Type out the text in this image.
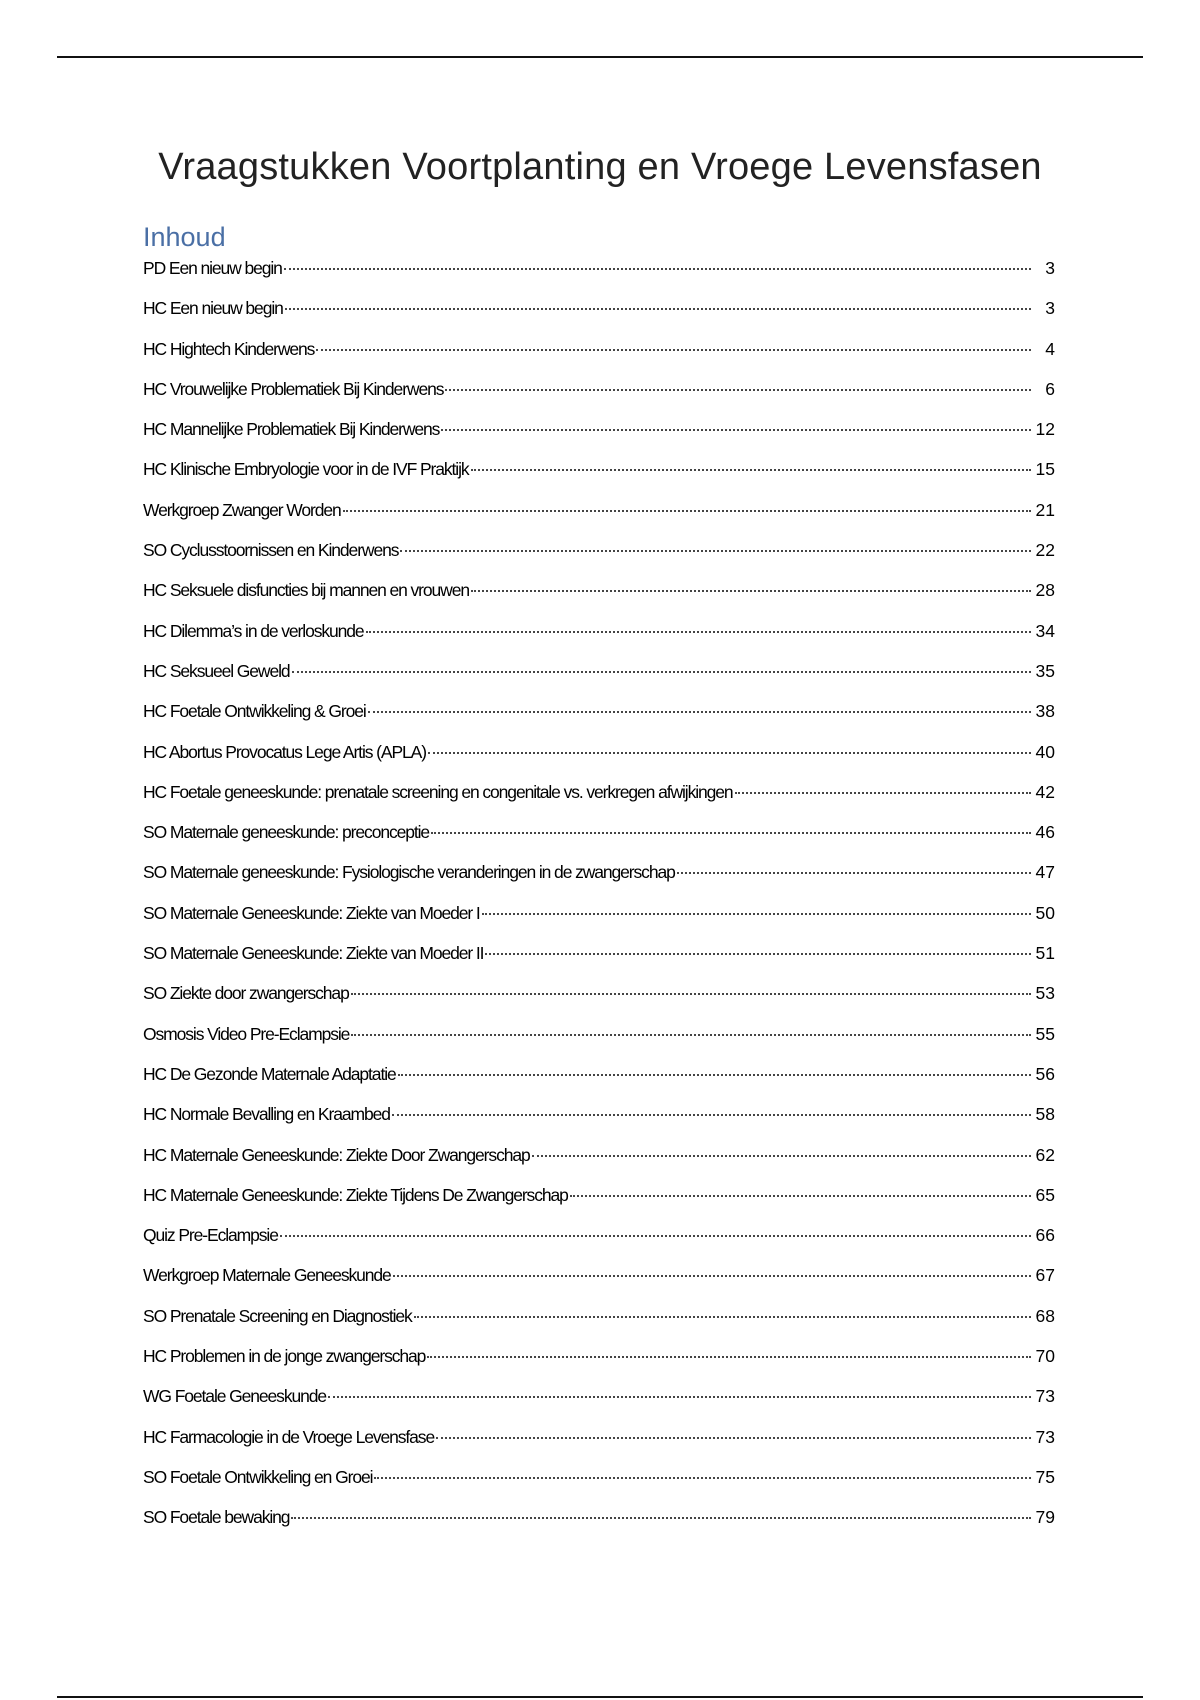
Vraagstukken Voortplanting en Vroege Levensfasen
Inhoud
PD Een nieuw begin	3
HC Een nieuw begin	3
HC Hightech Kinderwens	4
HC Vrouwelijke Problematiek Bij Kinderwens	6
HC Mannelijke Problematiek Bij Kinderwens	12
HC Klinische Embryologie voor in de IVF Praktijk	15
Werkgroep Zwanger Worden	21
SO Cyclusstoornissen en Kinderwens	22
HC Seksuele disfuncties bij mannen en vrouwen	28
HC Dilemma’s in de verloskunde	34
HC Seksueel Geweld	35
HC Foetale Ontwikkeling & Groei	38
HC Abortus Provocatus Lege Artis (APLA)	40
HC Foetale geneeskunde: prenatale screening en congenitale vs. verkregen afwijkingen	42
SO Maternale geneeskunde: preconceptie	46
SO Maternale geneeskunde: Fysiologische veranderingen in de zwangerschap	47
SO Maternale Geneeskunde: Ziekte van Moeder I	50
SO Maternale Geneeskunde: Ziekte van Moeder II	51
SO Ziekte door zwangerschap	53
Osmosis Video Pre-Eclampsie	55
HC De Gezonde Maternale Adaptatie	56
HC Normale Bevalling en Kraambed	58
HC Maternale Geneeskunde: Ziekte Door Zwangerschap	62
HC Maternale Geneeskunde: Ziekte Tijdens De Zwangerschap	65
Quiz Pre-Eclampsie	66
Werkgroep Maternale Geneeskunde	67
SO Prenatale Screening en Diagnostiek	68
HC Problemen in de jonge zwangerschap	70
WG Foetale Geneeskunde	73
HC Farmacologie in de Vroege Levensfase	73
SO Foetale Ontwikkeling en Groei	75
SO Foetale bewaking	79
